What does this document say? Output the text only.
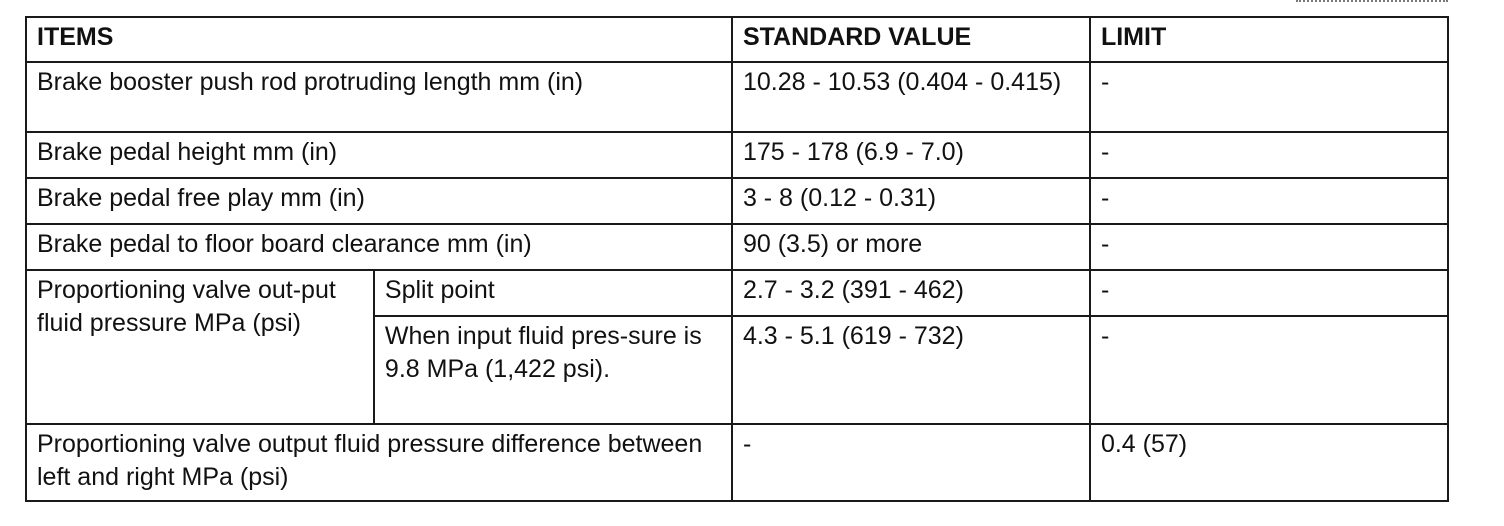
ITEMS		STANDARD VALUE	LIMIT
Brake booster push rod protruding length mm (in)		10.28 - 10.53 (0.404 - 0.415)	-
Brake pedal height mm (in)		175 - 178 (6.9 - 7.0)	-
Brake pedal free play mm (in)		3 - 8 (0.12 - 0.31)	-
Brake pedal to floor board clearance mm (in)		90 (3.5) or more	-
Proportioning valve out-put fluid pressure MPa (psi)	Split point	2.7 - 3.2 (391 - 462)	-
	When input fluid pres-sure is 9.8 MPa (1,422 psi).	4.3 - 5.1 (619 - 732)	-
Proportioning valve output fluid pressure difference between left and right MPa (psi)		-	0.4 (57)
